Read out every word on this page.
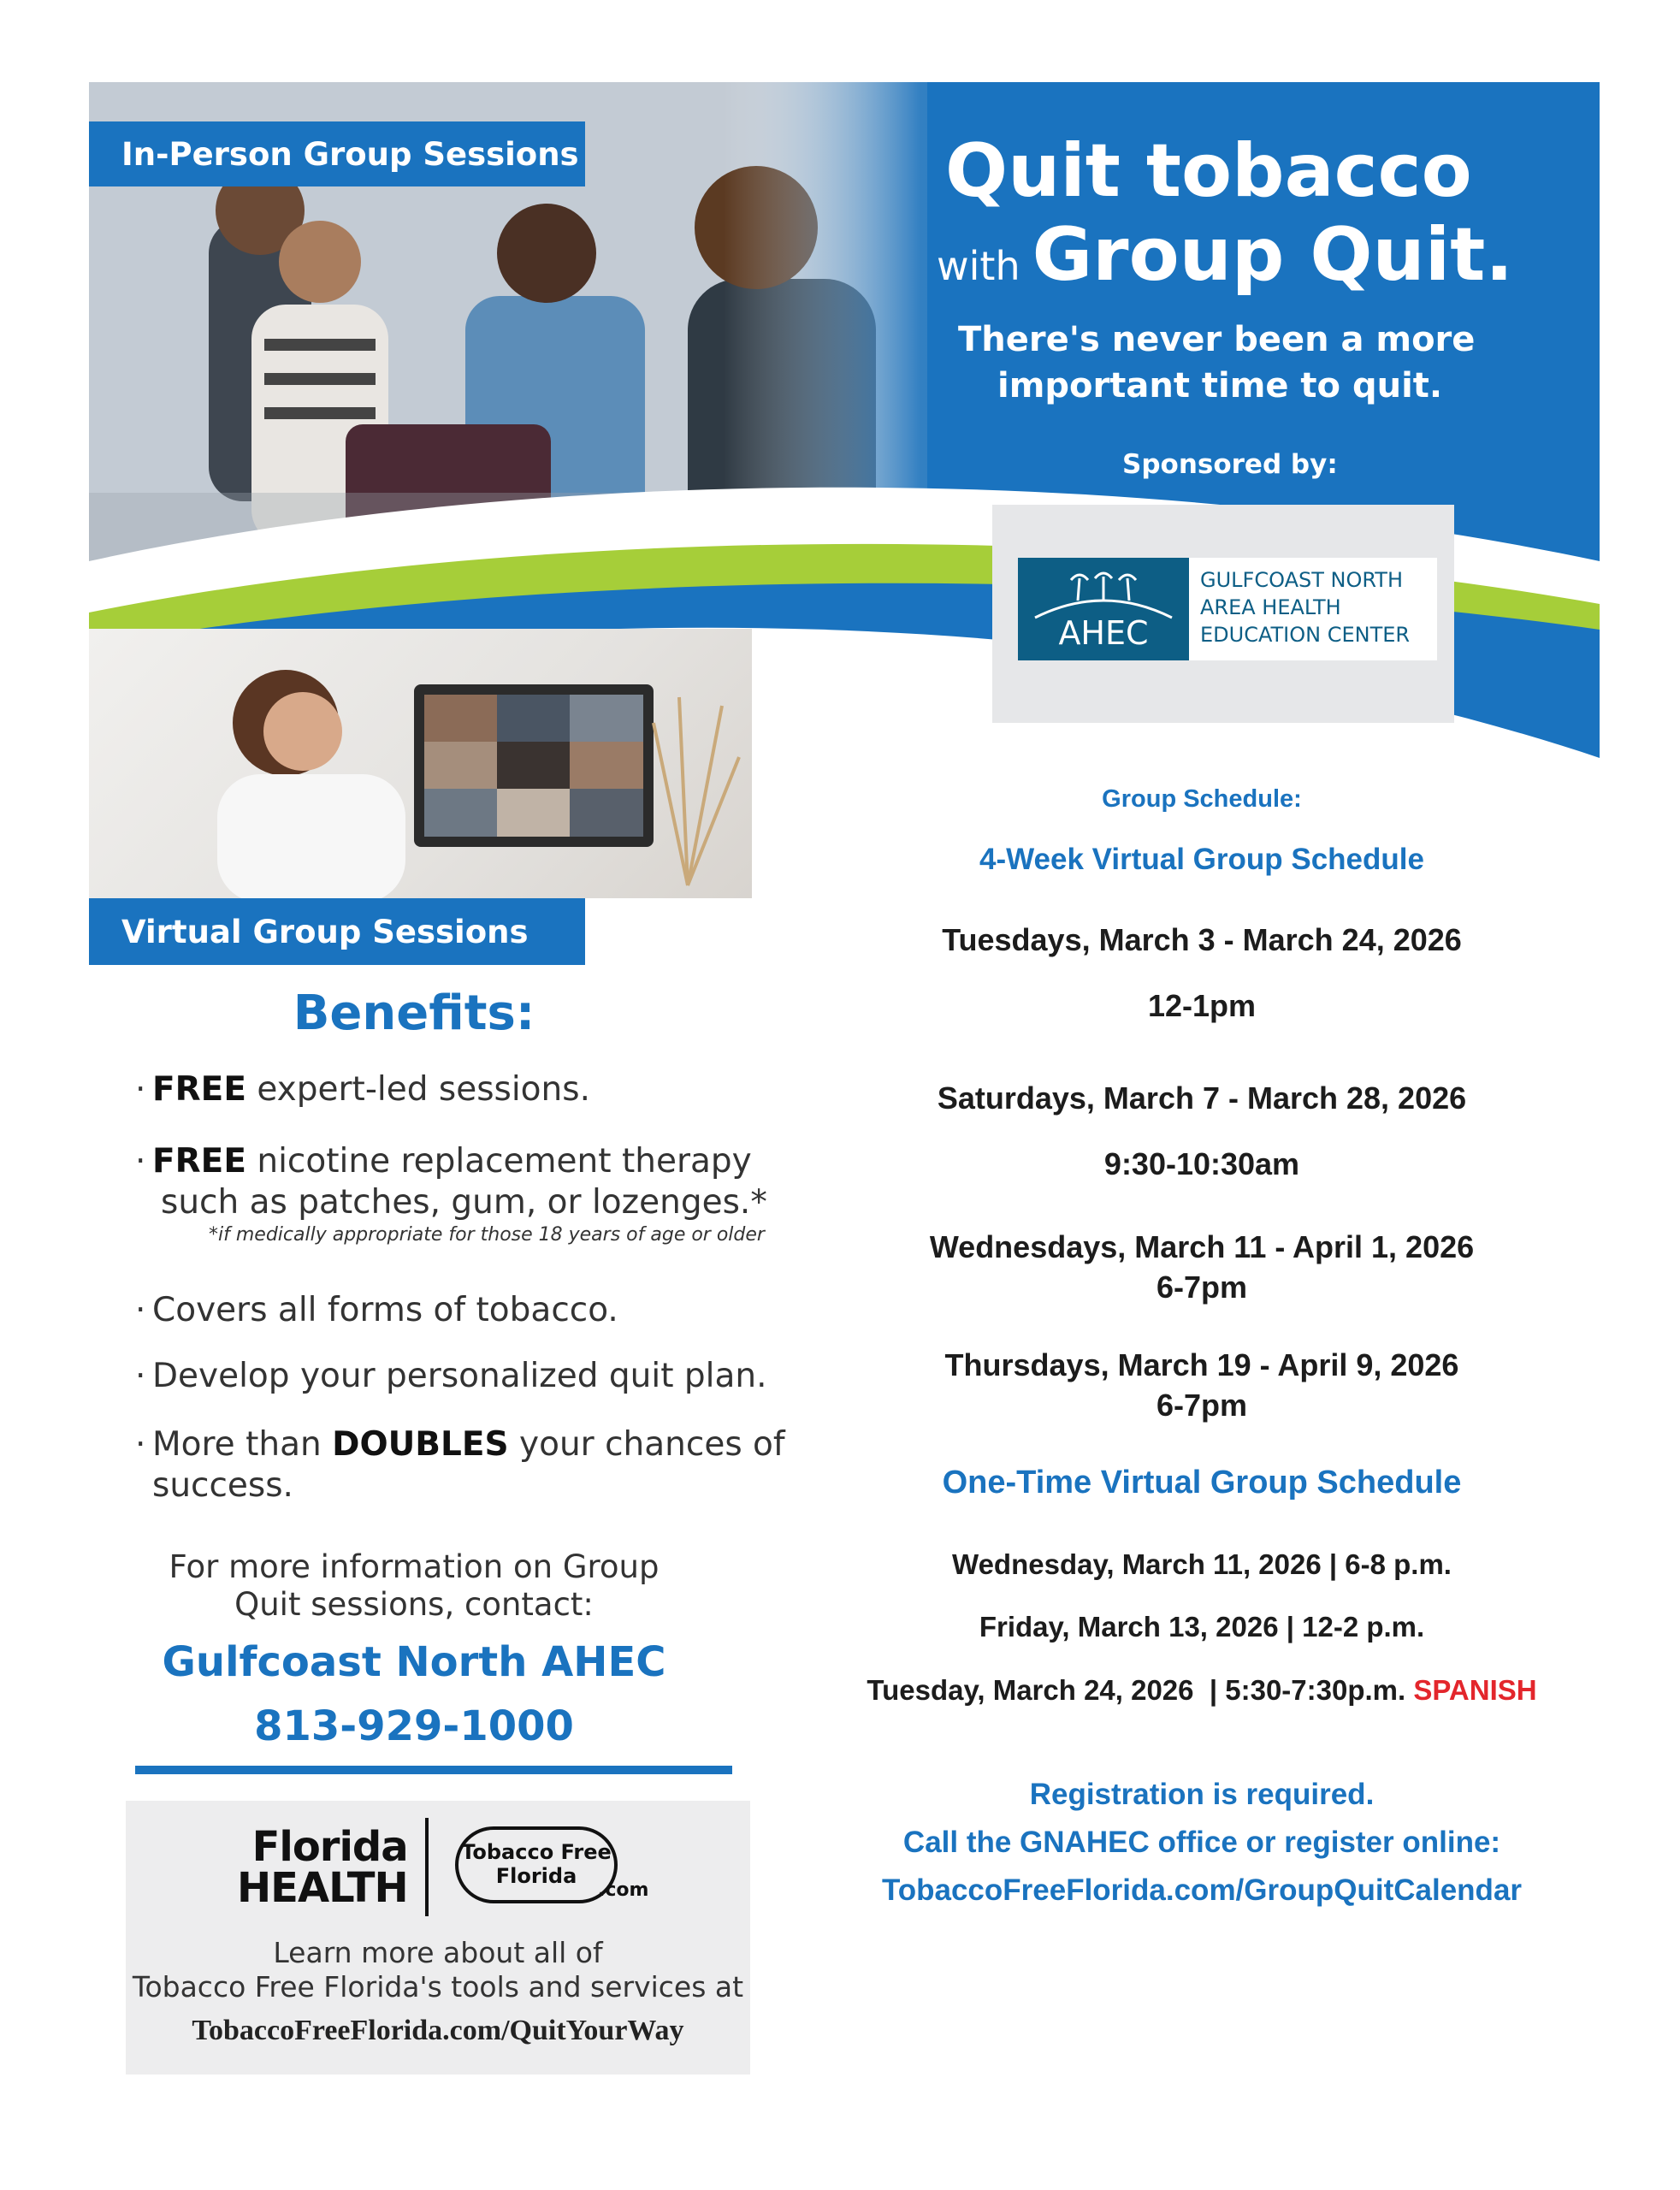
In-Person Group Sessions	Quit tobacco
with Group Quit.
There's never been a more
important time to quit.
Sponsored by:
AHEC
GULFCOAST NORTH
AREA HEALTH
EDUCATION CENTER
Virtual Group Sessions
Benefits:
· FREE expert-led sessions.
· FREE nicotine replacement therapy
such as patches, gum, or lozenges.*
*if medically appropriate for those 18 years of age or older
· Covers all forms of tobacco.
· Develop your personalized quit plan.
· More than DOUBLES your chances of
success.
For more information on Group
Quit sessions, contact:
Gulfcoast North AHEC
813-929-1000
Florida
HEALTH
Tobacco Free
Florida
.com
Learn more about all of
Tobacco Free Florida's tools and services at
TobaccoFreeFlorida.com/QuitYourWay
Group Schedule:
4-Week Virtual Group Schedule
Tuesdays, March 3 - March 24, 2026
12-1pm
Saturdays, March 7 - March 28, 2026
9:30-10:30am
Wednesdays, March 11 - April 1, 2026
6-7pm
Thursdays, March 19 - April 9, 2026
6-7pm
One-Time Virtual Group Schedule
Wednesday, March 11, 2026 | 6-8 p.m.
Friday, March 13, 2026 | 12-2 p.m.
Tuesday, March 24, 2026  | 5:30-7:30p.m. SPANISH
Registration is required.
Call the GNAHEC office or register online:
TobaccoFreeFlorida.com/GroupQuitCalendar
